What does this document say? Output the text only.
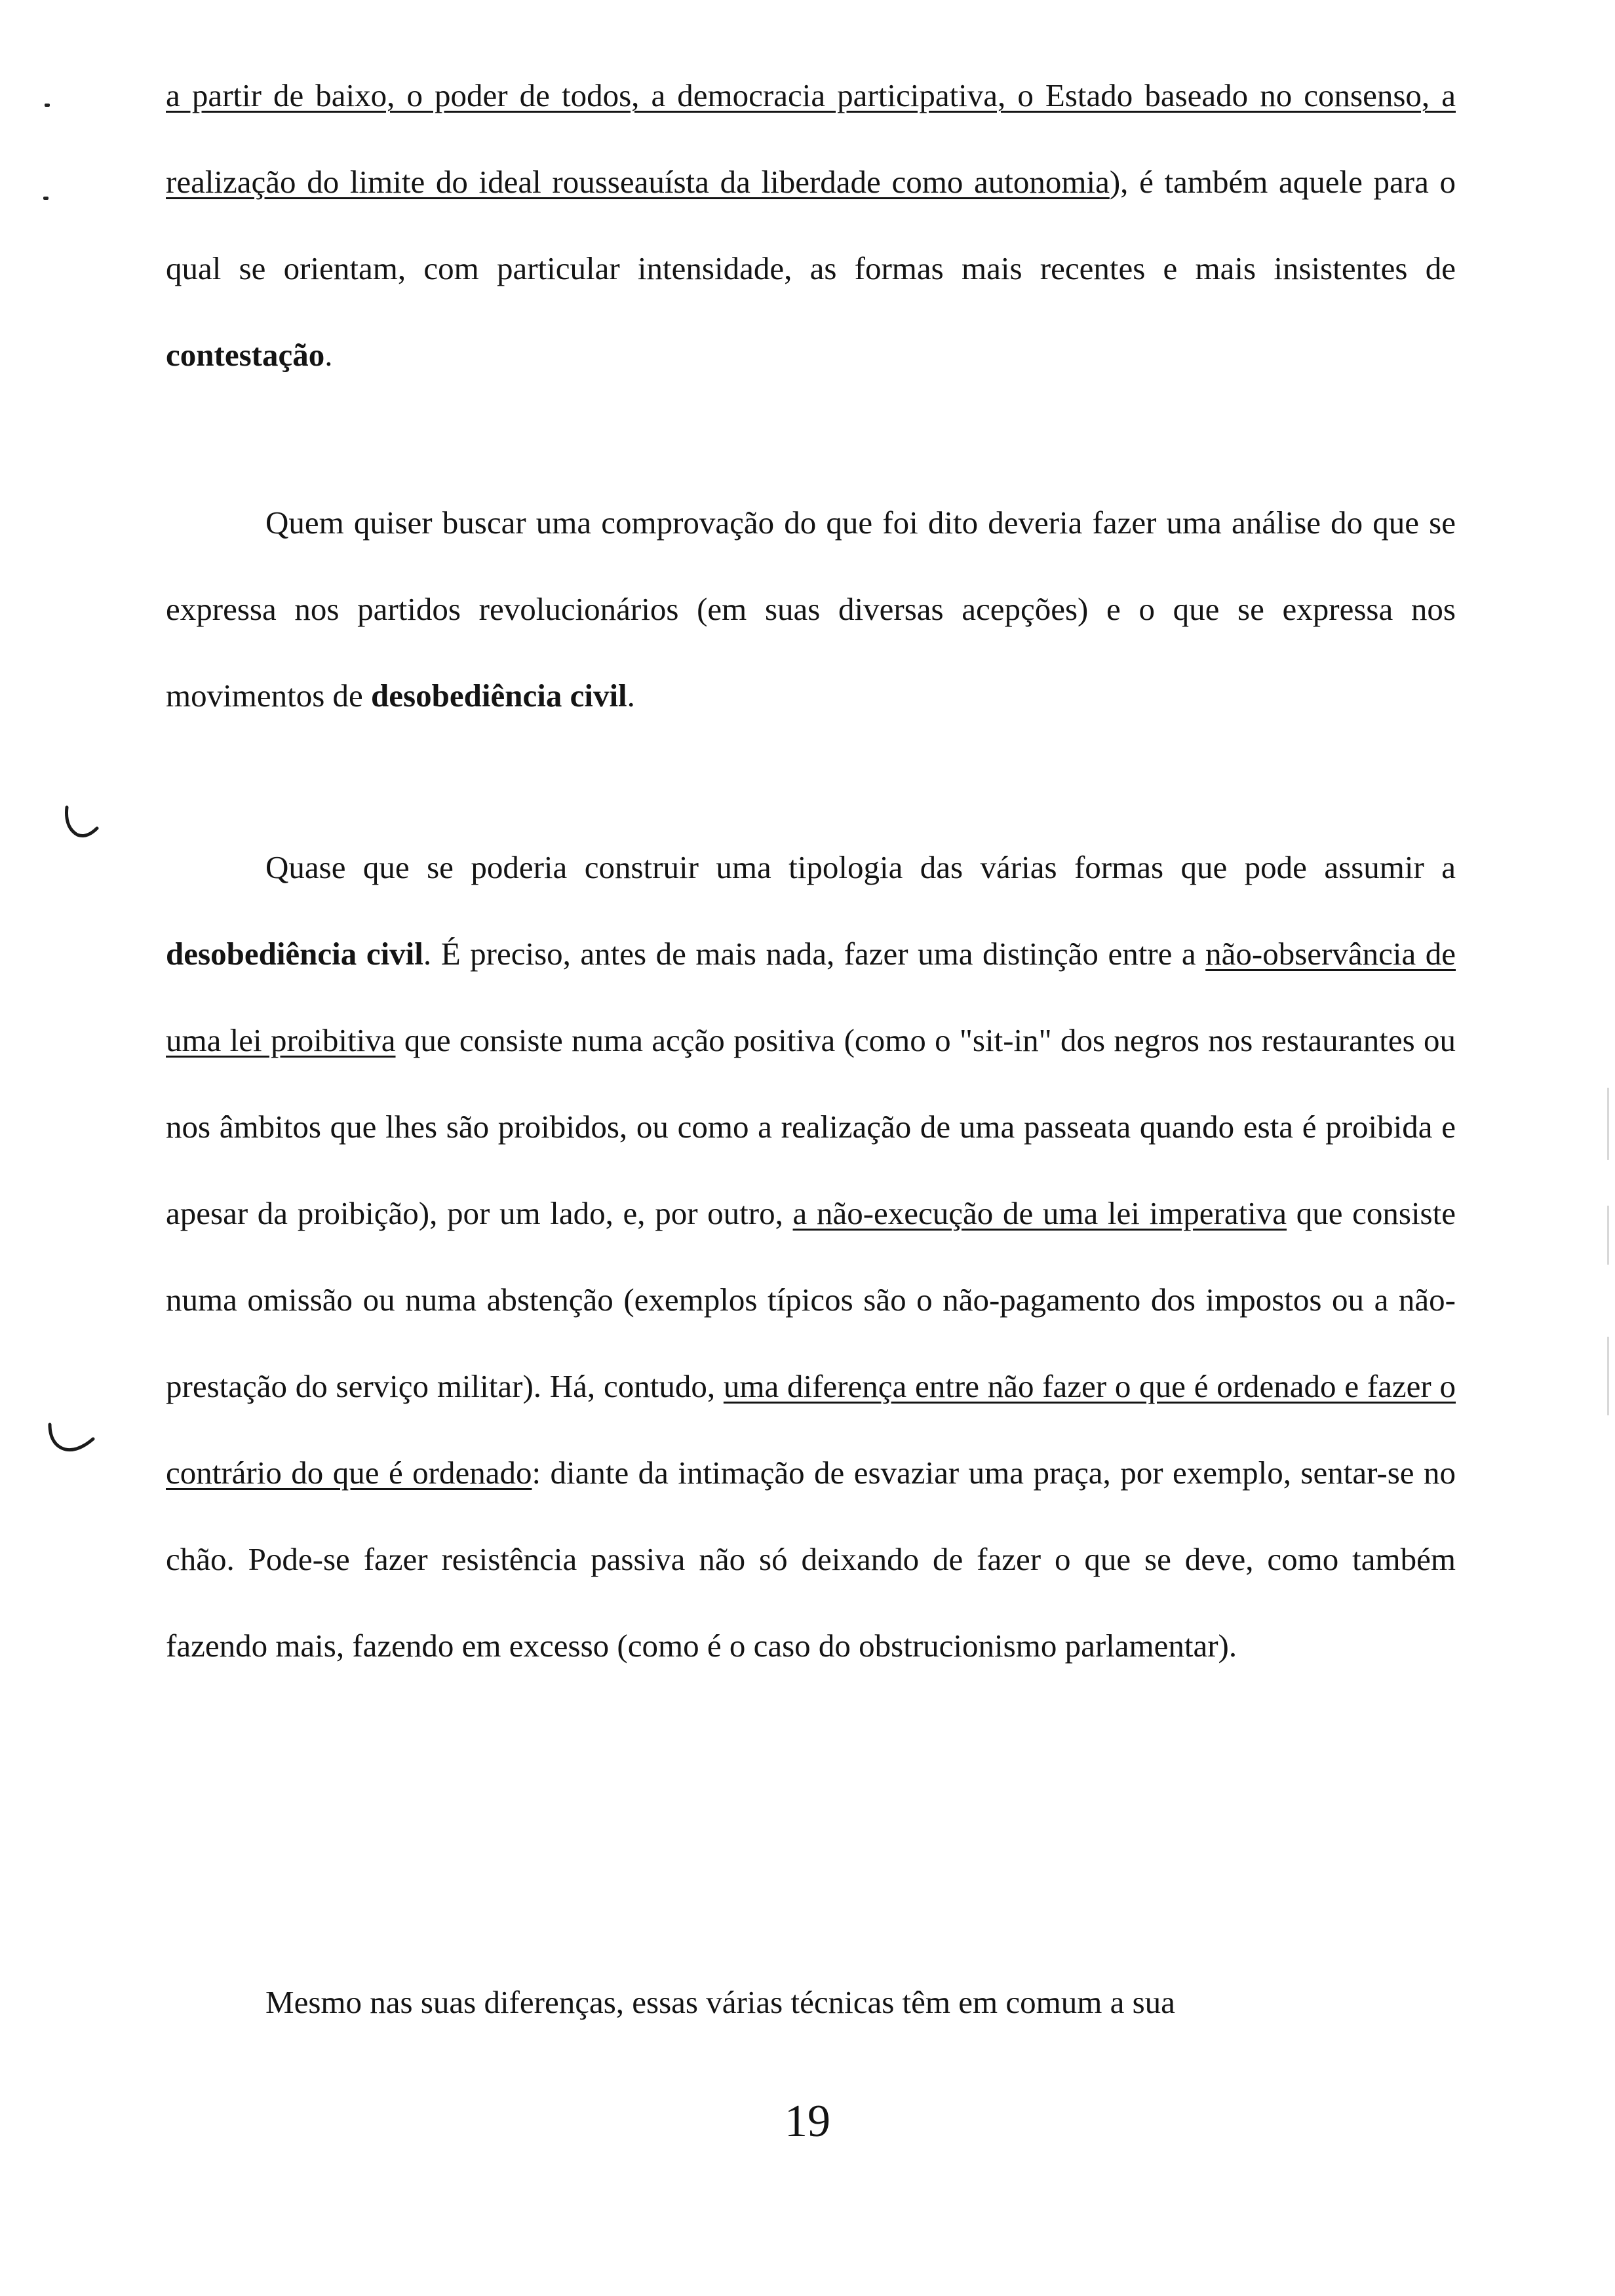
a partir de baixo, o poder de todos, a democracia participativa, o Estado baseado no consenso, a realização do limite do ideal rousseauísta da liberdade como autonomia), é também aquele para o qual se orientam, com particular intensidade, as formas mais recentes e mais insistentes de contestação.

Quem quiser buscar uma comprovação do que foi dito deveria fazer uma análise do que se expressa nos partidos revolucionários (em suas diversas acepções) e o que se expressa nos movimentos de desobediência civil.

Quase que se poderia construir uma tipologia das várias formas que pode assumir a desobediência civil. É preciso, antes de mais nada, fazer uma distinção entre a não-observância de uma lei proibitiva que consiste numa acção positiva (como o "sit-in" dos negros nos restaurantes ou nos âmbitos que lhes são proibidos, ou como a realização de uma passeata quando esta é proibida e apesar da proibição), por um lado, e, por outro, a não-execução de uma lei imperativa que consiste numa omissão ou numa abstenção (exemplos típicos são o não-pagamento dos impostos ou a não-prestação do serviço militar). Há, contudo, uma diferença entre não fazer o que é ordenado e fazer o contrário do que é ordenado: diante da intimação de esvaziar uma praça, por exemplo, sentar-se no chão. Pode-se fazer resistência passiva não só deixando de fazer o que se deve, como também fazendo mais, fazendo em excesso (como é o caso do obstrucionismo parlamentar).

Mesmo nas suas diferenças, essas várias técnicas têm em comum a sua

19
